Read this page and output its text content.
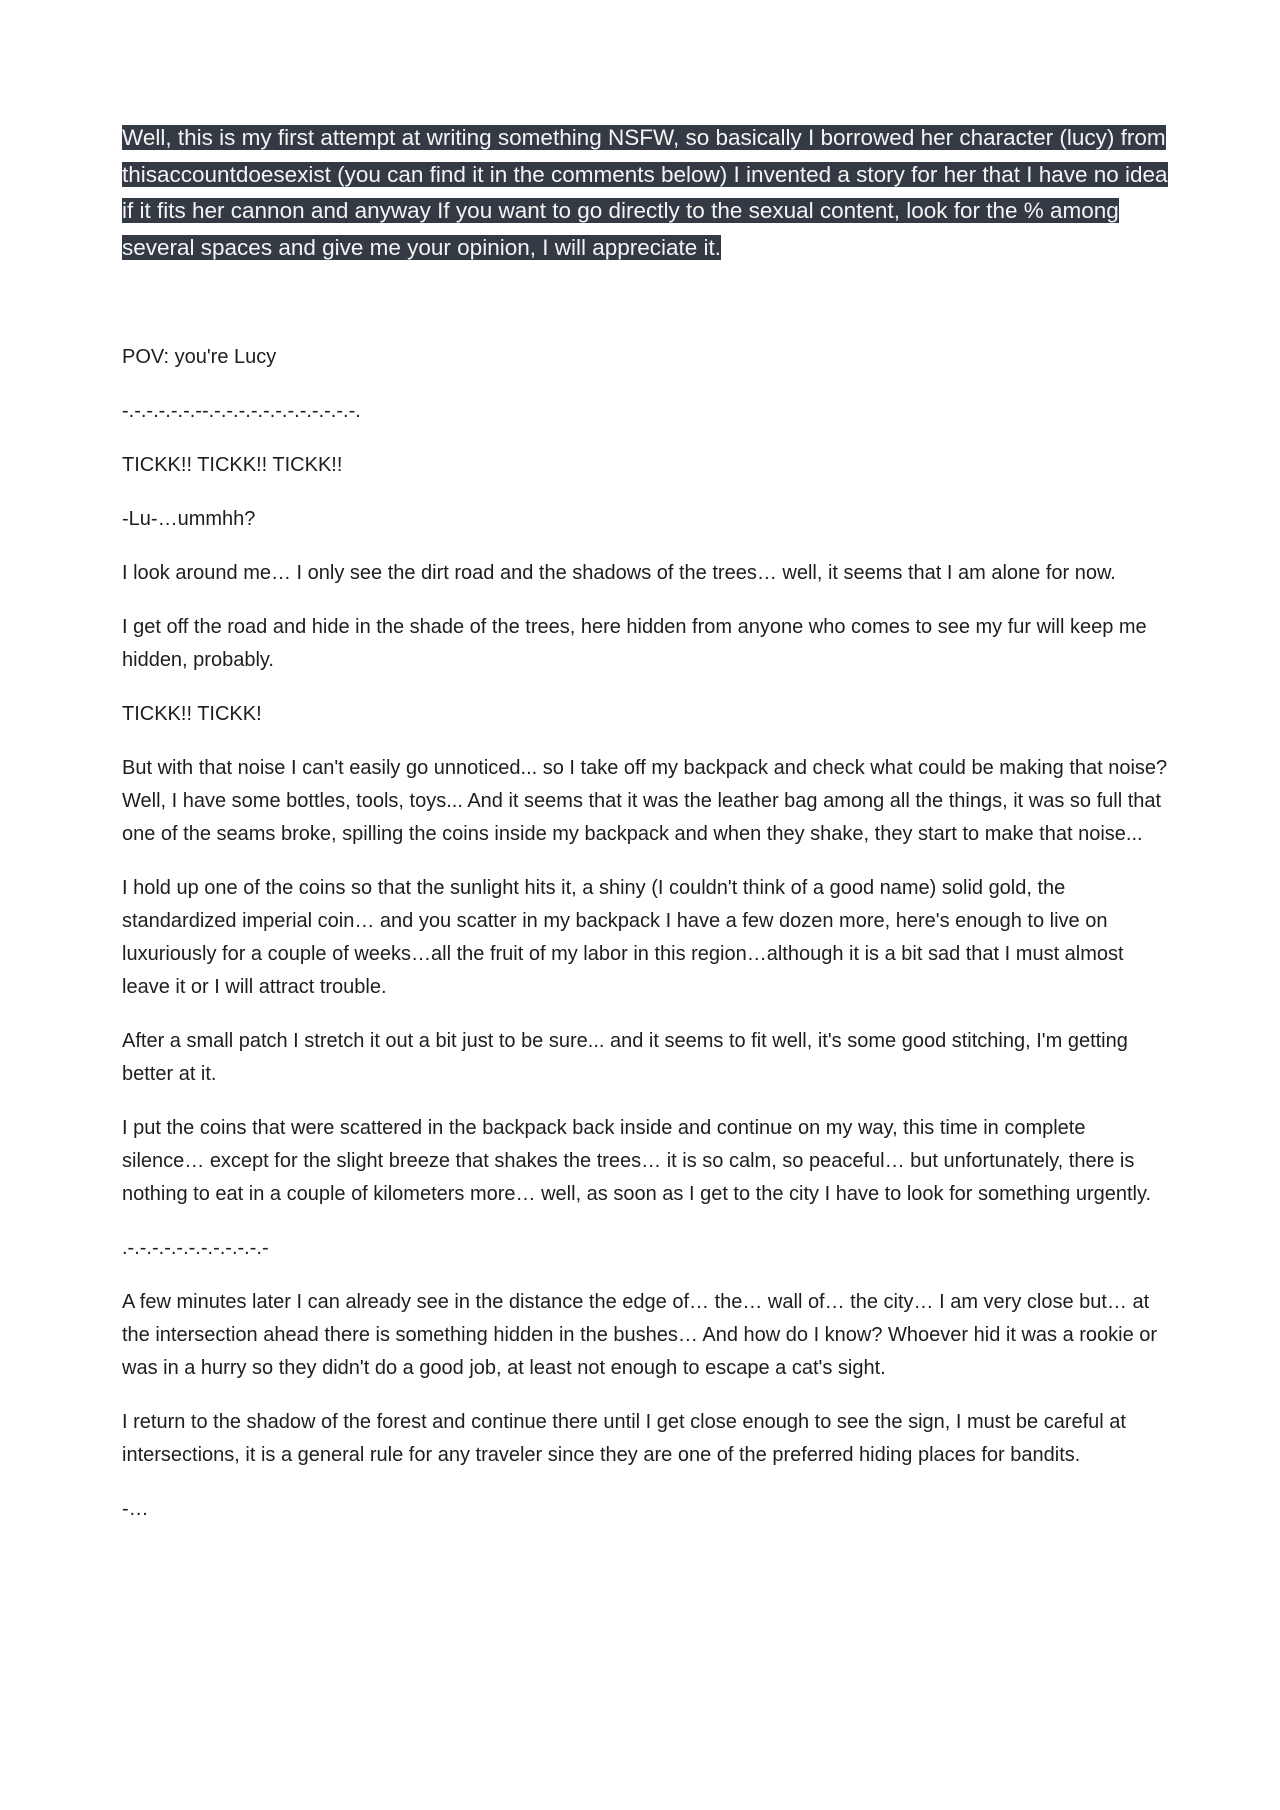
Well, this is my first attempt at writing something NSFW, so basically I borrowed her character (lucy) from thisaccountdoesexist (you can find it in the comments below) I invented a story for her that I have no idea if it fits her cannon and anyway If you want to go directly to the sexual content, look for the % among several spaces and give me your opinion, I will appreciate it.

POV: you're Lucy

-.-.-.-.-.-.--.-.-.-.-.-.-.-.-.-.-.-.-.

TICKK!! TICKK!! TICKK!!

-Lu-…ummhh?

I look around me… I only see the dirt road and the shadows of the trees… well, it seems that I am alone for now.

I get off the road and hide in the shade of the trees, here hidden from anyone who comes to see my fur will keep me hidden, probably.

TICKK!! TICKK!

But with that noise I can't easily go unnoticed... so I take off my backpack and check what could be making that noise? Well, I have some bottles, tools, toys... And it seems that it was the leather bag among all the things, it was so full that one of the seams broke, spilling the coins inside my backpack and when they shake, they start to make that noise...

I hold up one of the coins so that the sunlight hits it, a shiny (I couldn't think of a good name) solid gold, the standardized imperial coin… and you scatter in my backpack I have a few dozen more, here's enough to live on luxuriously for a couple of weeks…all the fruit of my labor in this region…although it is a bit sad that I must almost leave it or I will attract trouble.

After a small patch I stretch it out a bit just to be sure... and it seems to fit well, it's some good stitching, I'm getting better at it.

I put the coins that were scattered in the backpack back inside and continue on my way, this time in complete silence… except for the slight breeze that shakes the trees… it is so calm, so peaceful… but unfortunately, there is nothing to eat in a couple of kilometers more… well, as soon as I get to the city I have to look for something urgently.

.-.-.-.-.-.-.-.-.-.-.-.-

A few minutes later I can already see in the distance the edge of… the… wall of… the city… I am very close but… at the intersection ahead there is something hidden in the bushes… And how do I know? Whoever hid it was a rookie or was in a hurry so they didn't do a good job, at least not enough to escape a cat's sight.

I return to the shadow of the forest and continue there until I get close enough to see the sign, I must be careful at intersections, it is a general rule for any traveler since they are one of the preferred hiding places for bandits.

-…
